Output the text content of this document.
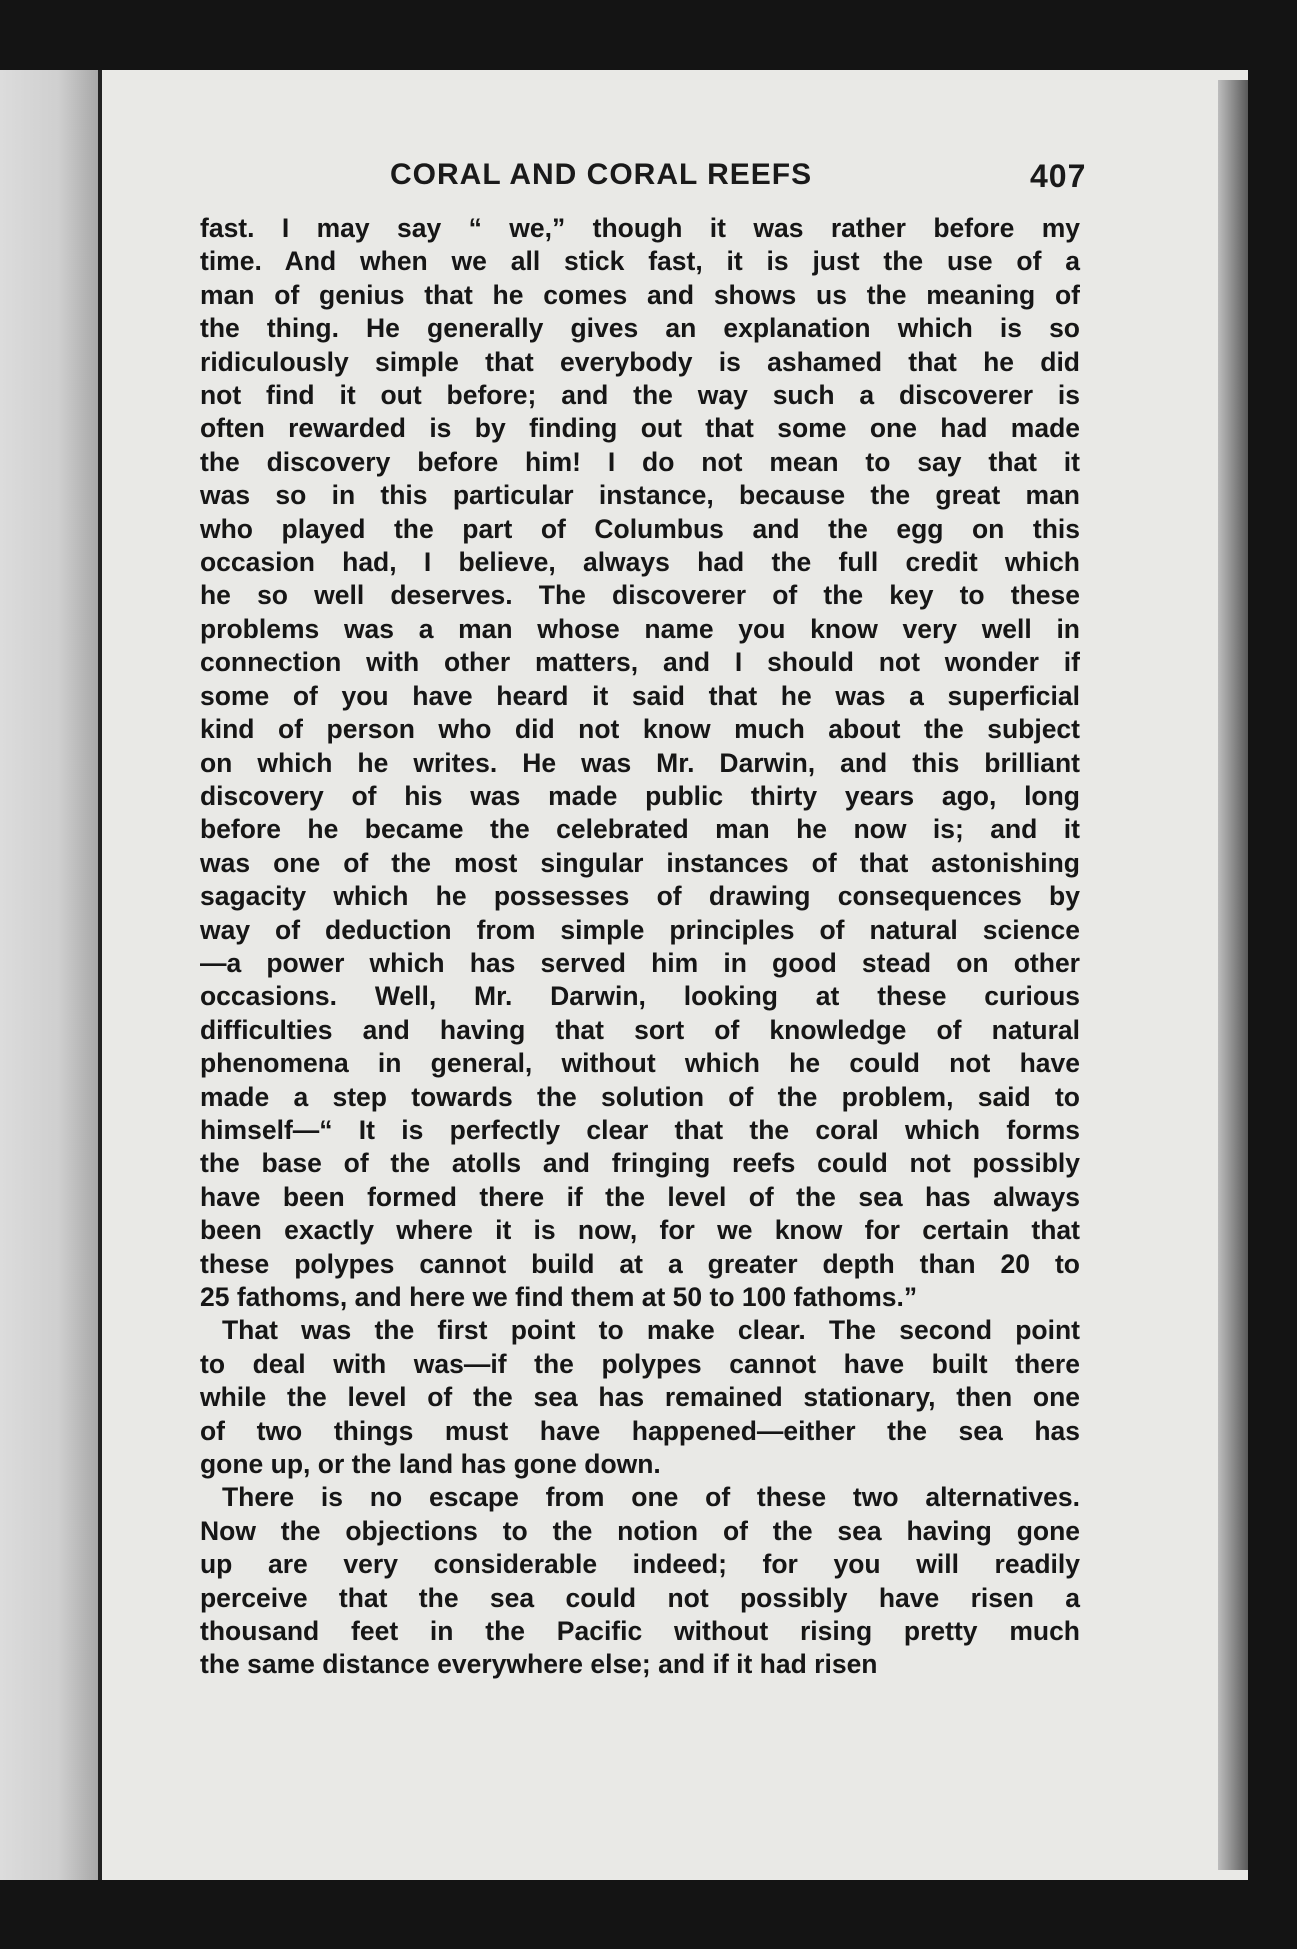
CORAL AND CORAL REEFS	407
fast. I may say “ we,” though it was rather before my
time. And when we all stick fast, it is just the use of a
man of genius that he comes and shows us the meaning of
the thing. He generally gives an explanation which is so
ridiculously simple that everybody is ashamed that he did
not find it out before; and the way such a discoverer is
often rewarded is by finding out that some one had made
the discovery before him! I do not mean to say that it
was so in this particular instance, because the great man
who played the part of Columbus and the egg on this
occasion had, I believe, always had the full credit which
he so well deserves. The discoverer of the key to these
problems was a man whose name you know very well in
connection with other matters, and I should not wonder if
some of you have heard it said that he was a superficial
kind of person who did not know much about the subject
on which he writes. He was Mr. Darwin, and this brilliant
discovery of his was made public thirty years ago, long
before he became the celebrated man he now is; and it
was one of the most singular instances of that astonishing
sagacity which he possesses of drawing consequences by
way of deduction from simple principles of natural science
—a power which has served him in good stead on other
occasions. Well, Mr. Darwin, looking at these curious
difficulties and having that sort of knowledge of natural
phenomena in general, without which he could not have
made a step towards the solution of the problem, said to
himself—“ It is perfectly clear that the coral which forms
the base of the atolls and fringing reefs could not possibly
have been formed there if the level of the sea has always
been exactly where it is now, for we know for certain that
these polypes cannot build at a greater depth than 20 to
25 fathoms, and here we find them at 50 to 100 fathoms.”
That was the first point to make clear. The second point
to deal with was—if the polypes cannot have built there
while the level of the sea has remained stationary, then one
of two things must have happened—either the sea has
gone up, or the land has gone down.
There is no escape from one of these two alternatives.
Now the objections to the notion of the sea having gone
up are very considerable indeed; for you will readily
perceive that the sea could not possibly have risen a
thousand feet in the Pacific without rising pretty much
the same distance everywhere else; and if it had risen
